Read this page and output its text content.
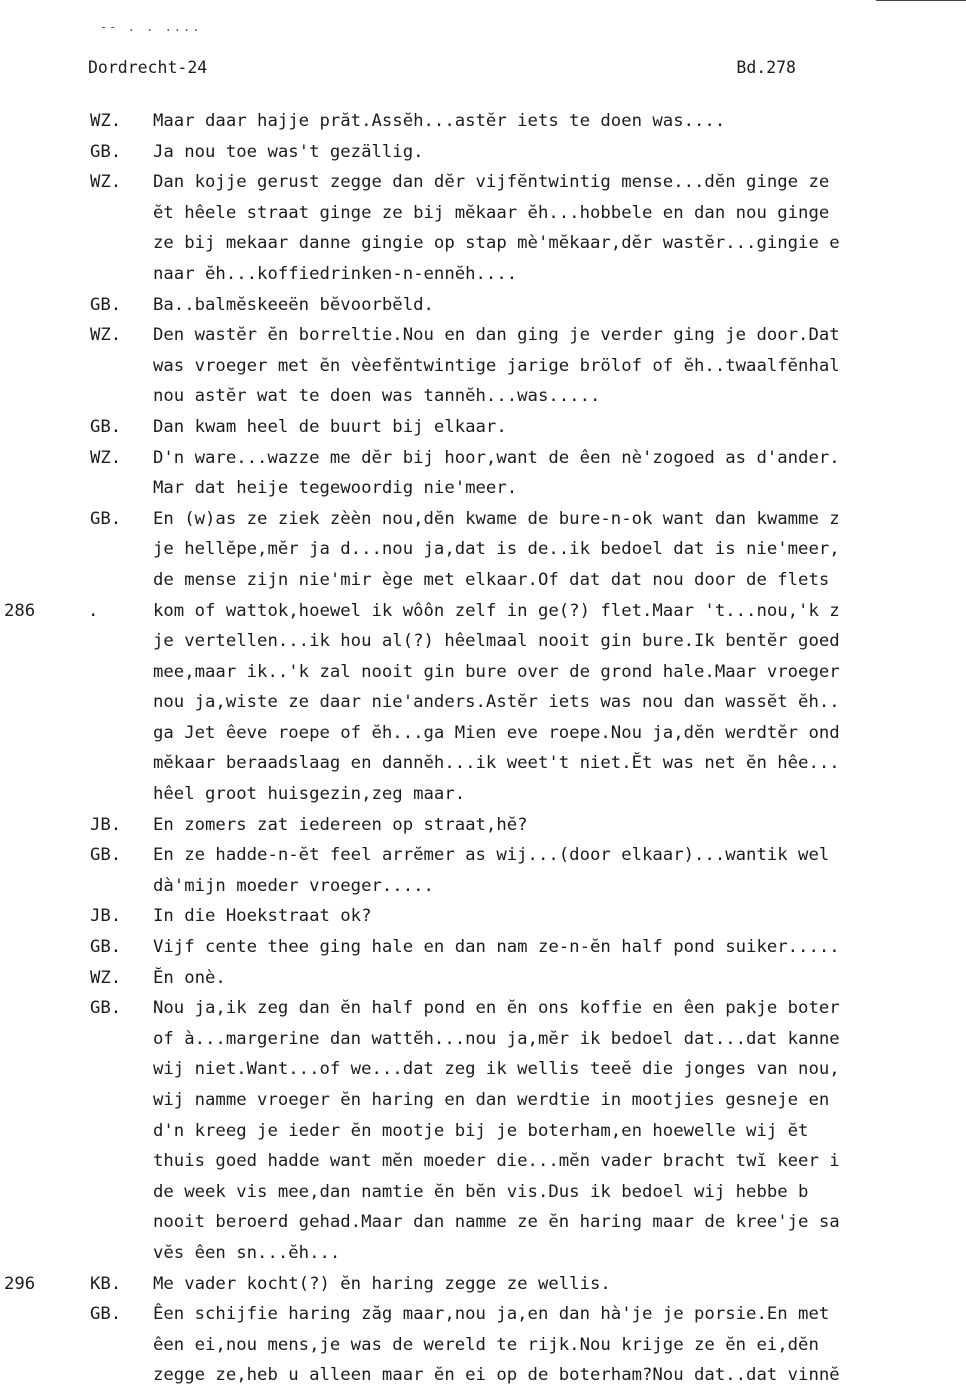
-- . . ....
Dordrecht-24	Bd.278
WZ. Maar daar hajje prăt.Assĕh...astĕr iets te doen was....
GB. Ja nou toe was't gezällig.
WZ. Dan kojje gerust zegge dan dĕr vijfĕntwintig mense...dĕn ginge ze
ĕt hêele straat ginge ze bij mĕkaar ĕh...hobbele en dan nou ginge
ze bij mekaar danne gingie op stap mè'mĕkaar,dĕr wastĕr...gingie e
naar ĕh...koffiedrinken-n-ennĕh....
GB. Ba..balmĕskeeën bĕvoorbĕld.
WZ. Den wastĕr ĕn borreltie.Nou en dan ging je verder ging je door.Dat
was vroeger met ĕn vèefĕntwintige jarige brölof of ĕh..twaalfĕnhal
nou astĕr wat te doen was tannĕh...was.....
GB. Dan kwam heel de buurt bij elkaar.
WZ. D'n ware...wazze me dĕr bij hoor,want de êen nè'zogoed as d'ander.
Mar dat heije tegewoordig nie'meer.
GB. En (w)as ze ziek zèèn nou,dĕn kwame de bure-n-ok want dan kwamme z
je hellĕpe,mĕr ja d...nou ja,dat is de..ik bedoel dat is nie'meer,
de mense zijn nie'mir ège met elkaar.Of dat dat nou door de flets
286	.	kom of wattok,hoewel ik wôôn zelf in ge(?) flet.Maar 't...nou,'k z
je vertellen...ik hou al(?) hêelmaal nooit gin bure.Ik bentĕr goed
mee,maar ik..'k zal nooit gin bure over de grond hale.Maar vroeger
nou ja,wiste ze daar nie'anders.Astĕr iets was nou dan wassĕt ĕh..
ga Jet êeve roepe of ĕh...ga Mien eve roepe.Nou ja,dĕn werdtĕr ond
mĕkaar beraadslaag en dannĕh...ik weet't niet.Ĕt was net ĕn hêe...
hêel groot huisgezin,zeg maar.
JB. En zomers zat iedereen op straat,hĕ?
GB. En ze hadde-n-ĕt feel arrĕmer as wij...(door elkaar)...wantik wel
dà'mijn moeder vroeger.....
JB. In die Hoekstraat ok?
GB. Vijf cente thee ging hale en dan nam ze-n-ĕn half pond suiker.....
WZ. Ĕn onè.
GB. Nou ja,ik zeg dan ĕn half pond en ĕn ons koffie en êen pakje boter
of à...margerine dan wattĕh...nou ja,mĕr ik bedoel dat...dat kanne
wij niet.Want...of we...dat zeg ik wellis teeĕ die jonges van nou,
wij namme vroeger ĕn haring en dan werdtie in mootjies gesneje en
d'n kreeg je ieder ĕn mootje bij je boterham,en hoewelle wij ĕt
thuis goed hadde want mĕn moeder die...mĕn vader bracht twĭ keer i
de week vis mee,dan namtie ĕn bĕn vis.Dus ik bedoel wij hebbe b
nooit beroerd gehad.Maar dan namme ze ĕn haring maar de kree'je sa
vĕs êen sn...ĕh...
296	KB. Me vader kocht(?) ĕn haring zegge ze wellis.
GB. Êen schijfie haring zăg maar,nou ja,en dan hà'je je porsie.En met
êen ei,nou mens,je was de wereld te rijk.Nou krijge ze ĕn ei,dĕn
zegge ze,heb u alleen maar ĕn ei op de boterham?Nou dat..dat vinnĕ
